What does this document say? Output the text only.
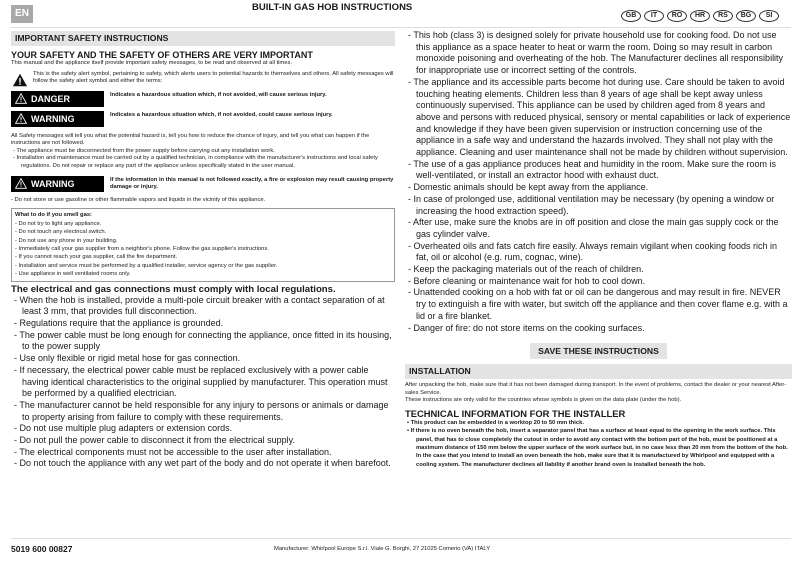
EN
BUILT-IN GAS HOB INSTRUCTIONS
GB	IT	RO	HR	RS	BG	SI
IMPORTANT SAFETY INSTRUCTIONS
YOUR SAFETY AND THE SAFETY OF OTHERS ARE VERY IMPORTANT
This manual and the appliance itself provide important safety messages, to be read and observed at all times.
This is the safety alert symbol, pertaining to safety, which alerts users to potential hazards to themselves and others. All safety messages will follow the safety alert symbol and either the terms:
DANGER	Indicates a hazardous situation which, if not avoided, will cause serious injury.
WARNING	Indicates a hazardous situation which, if not avoided, could cause serious injury.
All Safety messages will tell you what the potential hazard is, tell you how to reduce the chance of injury, and tell you what can happen if the instructions are not followed.
- The appliance must be disconnected from the power supply before carrying out any installation work.
- Installation and maintenance must be carried out by a qualified technician, in compliance with the manufacturer's instructions and local safety regulations. Do not repair or replace any part of the appliance unless specifically stated in the user manual.
WARNING	If the information in this manual is not followed exactly, a fire or explosion may result causing property damage or injury.
- Do not store or use gasoline or other flammable vapors and liquids in the vicinity of this appliance.
What to do if you smell gas:
- Do not try to light any appliance.
- Do not touch any electrical switch.
- Do not use any phone in your building.
- Immediately call your gas supplier from a neighbor's phone. Follow the gas supplier's instructions.
- If you cannot reach your gas supplier, call the fire department.
- Installation and service must be performed by a qualified installer, service agency or the gas supplier.
- Use appliance in well ventilated rooms only.
The electrical and gas connections must comply with local regulations.
- When the hob is installed, provide a multi-pole circuit breaker with a contact separation of at least 3 mm, that provides full disconnection.
- Regulations require that the appliance is grounded.
- The power cable must be long enough for connecting the appliance, once fitted in its housing, to the power supply
- Use only flexible or rigid metal hose for gas connection.
- If necessary, the electrical power cable must be replaced exclusively with a power cable having identical characteristics to the original supplied by manufacturer. This operation must be performed by a qualified electrician.
- The manufacturer cannot be held responsible for any injury to persons or animals or damage to property arising from failure to comply with these requirements.
- Do not use multiple plug adapters or extension cords.
- Do not pull the power cable to disconnect it from the electrical supply.
- The electrical components must not be accessible to the user after installation.
- Do not touch the appliance with any wet part of the body and do not operate it when barefoot.
- This hob (class 3) is designed solely for private household use for cooking food. Do not use this appliance as a space heater to heat or warm the room. Doing so may result in carbon monoxide poisoning and overheating of the hob. The Manufacturer declines all responsibility for inappropriate use or incorrect setting of the controls.
- The appliance and its accessible parts become hot during use. Care should be taken to avoid touching heating elements. Children less than 8 years of age shall be kept away unless continuously supervised. This appliance can be used by children aged from 8 years and above and persons with reduced physical, sensory or mental capabilities or lack of experience and knowledge if they have been given supervision or instruction concerning use of the appliance in a safe way and understand the hazards involved. They shall not play with the appliance. Cleaning and user maintenance shall not be made by children without supervision.
- The use of a gas appliance produces heat and humidity in the room. Make sure the room is well-ventilated, or install an extractor hood with exhaust duct.
- Domestic animals should be kept away from the appliance.
- In case of prolonged use, additional ventilation may be necessary (by opening a window or increasing the hood extraction speed).
- After use, make sure the knobs are in off position and close the main gas supply cock or the gas cylinder valve.
- Overheated oils and fats catch fire easily. Always remain vigilant when cooking foods rich in fat, oil or alcohol (e.g. rum, cognac, wine).
- Keep the packaging materials out of the reach of children.
- Before cleaning or maintenance wait for hob to cool down.
- Unattended cooking on a hob with fat or oil can be dangerous and may result in fire. NEVER try to extinguish a fire with water, but switch off the appliance and then cover flame e.g. with a lid or a fire blanket.
- Danger of fire: do not store items on the cooking surfaces.
SAVE THESE INSTRUCTIONS
INSTALLATION
After unpacking the hob, make sure that it has not been damaged during transport. In the event of problems, contact the dealer or your nearest After-sales Service.
These instructions are only valid for the countries whose symbols is given on the data plate (under the hob).
TECHNICAL INFORMATION FOR THE INSTALLER
• This product can be embedded in a worktop 20 to 50 mm thick.
• If there is no oven beneath the hob, insert a separator panel that has a surface at least equal to the opening in the work surface. This panel, that has to close completely the cutout in order to avoid any contact with the bottom part of the hob, must be positioned at a maximum distance of 150 mm below the upper surface of the work surface but, in no case less than 20 mm from the bottom of the hob. In the case that you intend to install an oven beneath the hob, make sure that it is manufactured by Whirlpool and equipped with a cooling system. The manufacturer declines all liability if another brand oven is installed beneath the hob.
5019 600 00827	Manufacturer: Whirlpool Europe S.r.l. Viale G. Borghi, 27 21025 Comerio (VA) ITALY
